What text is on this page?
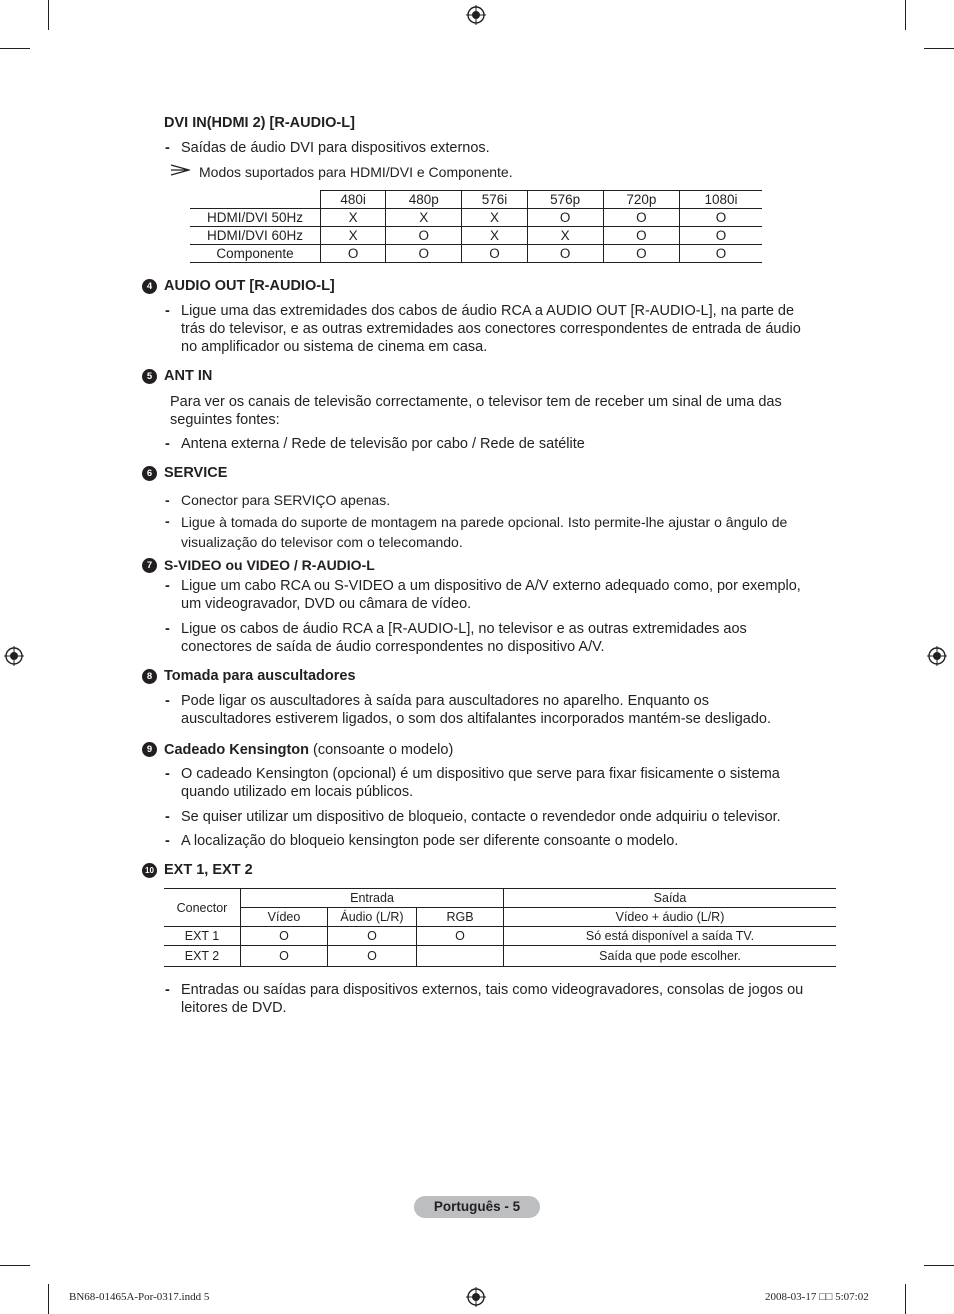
DVI IN(HDMI 2) [R-AUDIO-L]
- Saídas de áudio DVI para dispositivos externos.
Modos suportados para HDMI/DVI e Componente.
	480i	480p	576i	576p	720p	1080i
HDMI/DVI 50Hz	X	X	X	O	O	O
HDMI/DVI 60Hz	X	O	X	X	O	O
Componente	O	O	O	O	O	O
4 AUDIO OUT [R-AUDIO-L]
- Ligue uma das extremidades dos cabos de áudio RCA a AUDIO OUT [R-AUDIO-L], na parte de
trás do televisor, e as outras extremidades aos conectores correspondentes de entrada de áudio
no amplificador ou sistema de cinema em casa.
5 ANT IN
Para ver os canais de televisão correctamente, o televisor tem de receber um sinal de uma das
seguintes fontes:
- Antena externa / Rede de televisão por cabo / Rede de satélite
6 SERVICE
- Conector para SERVIÇO apenas.
- Ligue à tomada do suporte de montagem na parede opcional. Isto permite-lhe ajustar o ângulo de
visualização do televisor com o telecomando.
7 S-VIDEO ou VIDEO / R-AUDIO-L
- Ligue um cabo RCA ou S-VIDEO a um dispositivo de A/V externo adequado como, por exemplo,
um videogravador, DVD ou câmara de vídeo.
- Ligue os cabos de áudio RCA a [R-AUDIO-L], no televisor e as outras extremidades aos
conectores de saída de áudio correspondentes no dispositivo A/V.
8 Tomada para auscultadores
- Pode ligar os auscultadores à saída para auscultadores no aparelho. Enquanto os
auscultadores estiverem ligados, o som dos altifalantes incorporados mantém-se desligado.
9 Cadeado Kensington (consoante o modelo)
- O cadeado Kensington (opcional) é um dispositivo que serve para fixar fisicamente o sistema
quando utilizado em locais públicos.
- Se quiser utilizar um dispositivo de bloqueio, contacte o revendedor onde adquiriu o televisor.
- A localização do bloqueio kensington pode ser diferente consoante o modelo.
10 EXT 1, EXT 2
Conector	Entrada			Saída
	Vídeo	Áudio (L/R)	RGB	Vídeo + áudio (L/R)
EXT 1	O	O	O	Só está disponível a saída TV.
EXT 2	O	O		Saída que pode escolher.
- Entradas ou saídas para dispositivos externos, tais como videogravadores, consolas de jogos ou
leitores de DVD.
Português - 5
BN68-01465A-Por-0317.indd 5	2008-03-17 □□ 5:07:02
